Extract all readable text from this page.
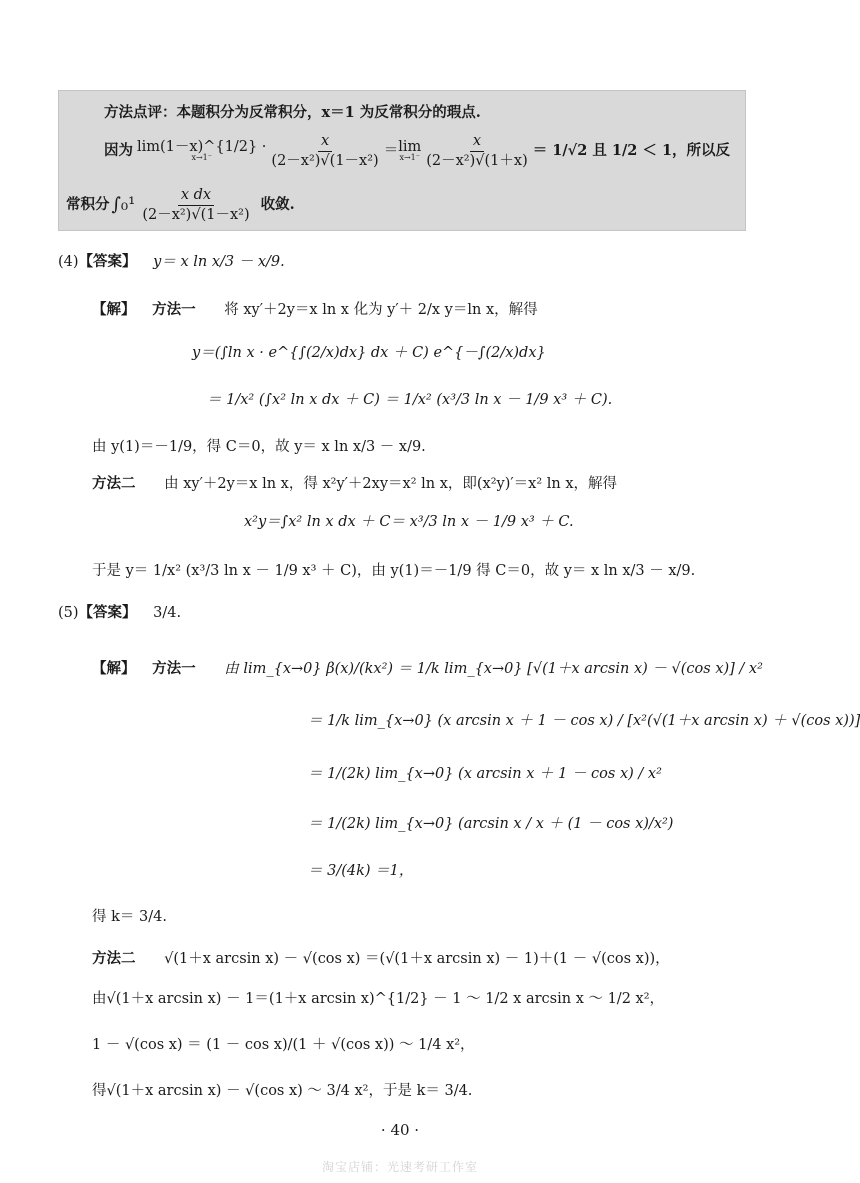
方法点评：本题积分为反常积分，x＝1 为反常积分的瑕点.
因为 lim(1－x)^{1/2} ·
x→1⁻	$\frac{x}{\text{(2－x²)√(1－x²)}} = \lim$
$x\to 1^- \frac{x}{\text{(2－x²)√(1＋x)}} = 1/√2$ 且 1/2 ＜ 1，所以反
常积分 $\int_0^1 \frac{\text{x dx}}{\text{(2－x²)√(1－x²)}}$ 收敛.
(4)【答案】 y＝ x ln x/3 － x/9.
【解】 方法一 将 xy′＋2y＝x ln x 化为 y′＋ 2/x y＝ln x，解得
y＝(∫ln x · e^{∫(2/x)dx} dx ＋ C) e^{－∫(2/x)dx}
＝ 1/x² (∫x² ln x dx ＋ C) ＝ 1/x² (x³/3 ln x － 1/9 x³ ＋ C).
由 y(1)＝－1/9，得 C＝0，故 y＝ x ln x/3 － x/9.
方法二 由 xy′＋2y＝x ln x，得 x²y′＋2xy＝x² ln x，即(x²y)′＝x² ln x，解得
x²y＝∫x² ln x dx ＋ C＝ x³/3 ln x － 1/9 x³ ＋ C.
于是 y＝ 1/x² (x³/3 ln x － 1/9 x³ ＋ C)，由 y(1)＝－1/9 得 C＝0，故 y＝ x ln x/3 － x/9.
(5)【答案】 3/4.
【解】 方法一 由 lim_{x→0} β(x)/(kx²) ＝ 1/k lim_{x→0} [√(1＋x arcsin x) － √(cos x)] / x²
＝ 1/k lim_{x→0} (x arcsin x ＋ 1 － cos x) / [x²(√(1＋x arcsin x) ＋ √(cos x))]
＝ 1/(2k) lim_{x→0} (x arcsin x ＋ 1 － cos x) / x²
＝ 1/(2k) lim_{x→0} (arcsin x / x ＋ (1 － cos x)/x²)
＝ 3/(4k) ＝1，
得 k＝ 3/4.
方法二 √(1＋x arcsin x) － √(cos x) ＝(√(1＋x arcsin x) － 1)＋(1 － √(cos x))，
由√(1＋x arcsin x) － 1＝(1＋x arcsin x)^{1/2} － 1 ～ 1/2 x arcsin x ～ 1/2 x²，
1 － √(cos x) ＝ (1 － cos x)/(1 ＋ √(cos x)) ～ 1/4 x²，
得√(1＋x arcsin x) － √(cos x) ～ 3/4 x²，于是 k＝ 3/4.
· 40 ·
淘宝店铺：光速考研工作室
